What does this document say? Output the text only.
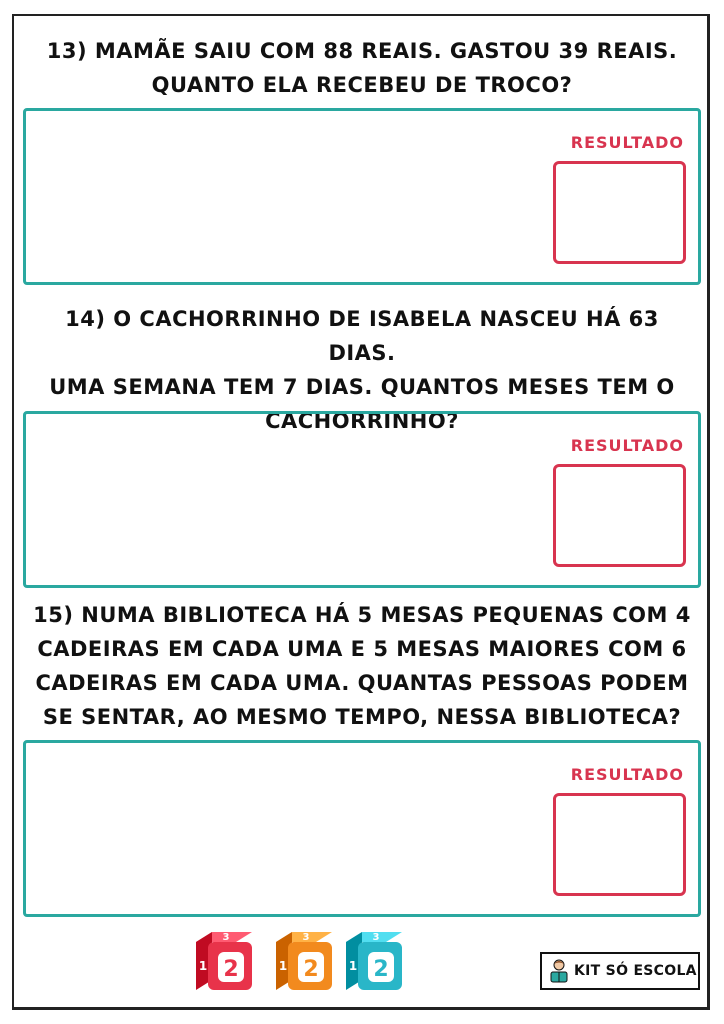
13) MAMÃE SAIU COM 88 REAIS. GASTOU 39 REAIS.
QUANTO ELA RECEBEU DE TROCO?
RESULTADO
14) O CACHORRINHO DE ISABELA NASCEU HÁ 63 DIAS.
UMA SEMANA TEM 7 DIAS. QUANTOS MESES TEM O
CACHORRINHO?
RESULTADO
15) NUMA BIBLIOTECA HÁ 5 MESAS PEQUENAS COM 4
CADEIRAS EM CADA UMA E 5 MESAS MAIORES COM 6
CADEIRAS EM CADA UMA. QUANTAS PESSOAS PODEM
SE SENTAR, AO MESMO TEMPO, NESSA BIBLIOTECA?
RESULTADO
3
1 2
3
1 2
3
1 2	KIT SÓ ESCOLA
